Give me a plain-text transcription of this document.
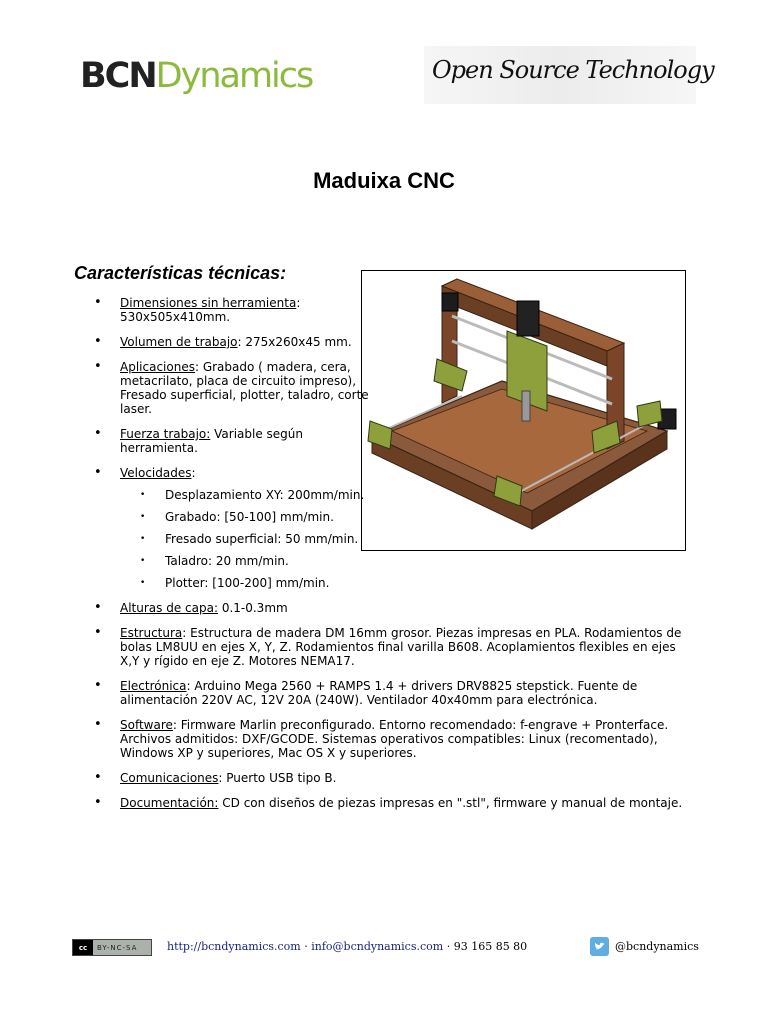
BCNDynamics	Open Source Technology
Maduixa CNC
Características técnicas:
• Dimensiones sin herramienta: 530x505x410mm.
• Volumen de trabajo: 275x260x45 mm.
• Aplicaciones: Grabado ( madera, cera, metacrilato, placa de circuito impreso), Fresado superficial, plotter, taladro, corte laser.
• Fuerza trabajo: Variable según herramienta.
• Velocidades:
• Desplazamiento XY: 200mm/min.
• Grabado: [50-100] mm/min.
• Fresado superficial: 50 mm/min.
• Taladro: 20 mm/min.
• Plotter: [100-200] mm/min.
• Alturas de capa: 0.1-0.3mm
• Estructura: Estructura de madera DM 16mm grosor. Piezas impresas en PLA. Rodamientos de bolas LM8UU en ejes X, Y, Z. Rodamientos final varilla B608. Acoplamientos flexibles en ejes X,Y y rígido en eje Z. Motores NEMA17.
• Electrónica: Arduino Mega 2560 + RAMPS 1.4 + drivers DRV8825 stepstick. Fuente de alimentación 220V AC, 12V 20A (240W). Ventilador 40x40mm para electrónica.
• Software: Firmware Marlin preconfigurado. Entorno recomendado: f-engrave + Pronterface. Archivos admitidos: DXF/GCODE. Sistemas operativos compatibles: Linux (recomentado), Windows XP y superiores, Mac OS X y superiores.
• Comunicaciones: Puerto USB tipo B.
• Documentación: CD con diseños de piezas impresas en ".stl", firmware y manual de montaje.
cc	BY-NC-SA	http://bcndynamics.com · info@bcndynamics.com · 93 165 85 80	@bcndynamics
